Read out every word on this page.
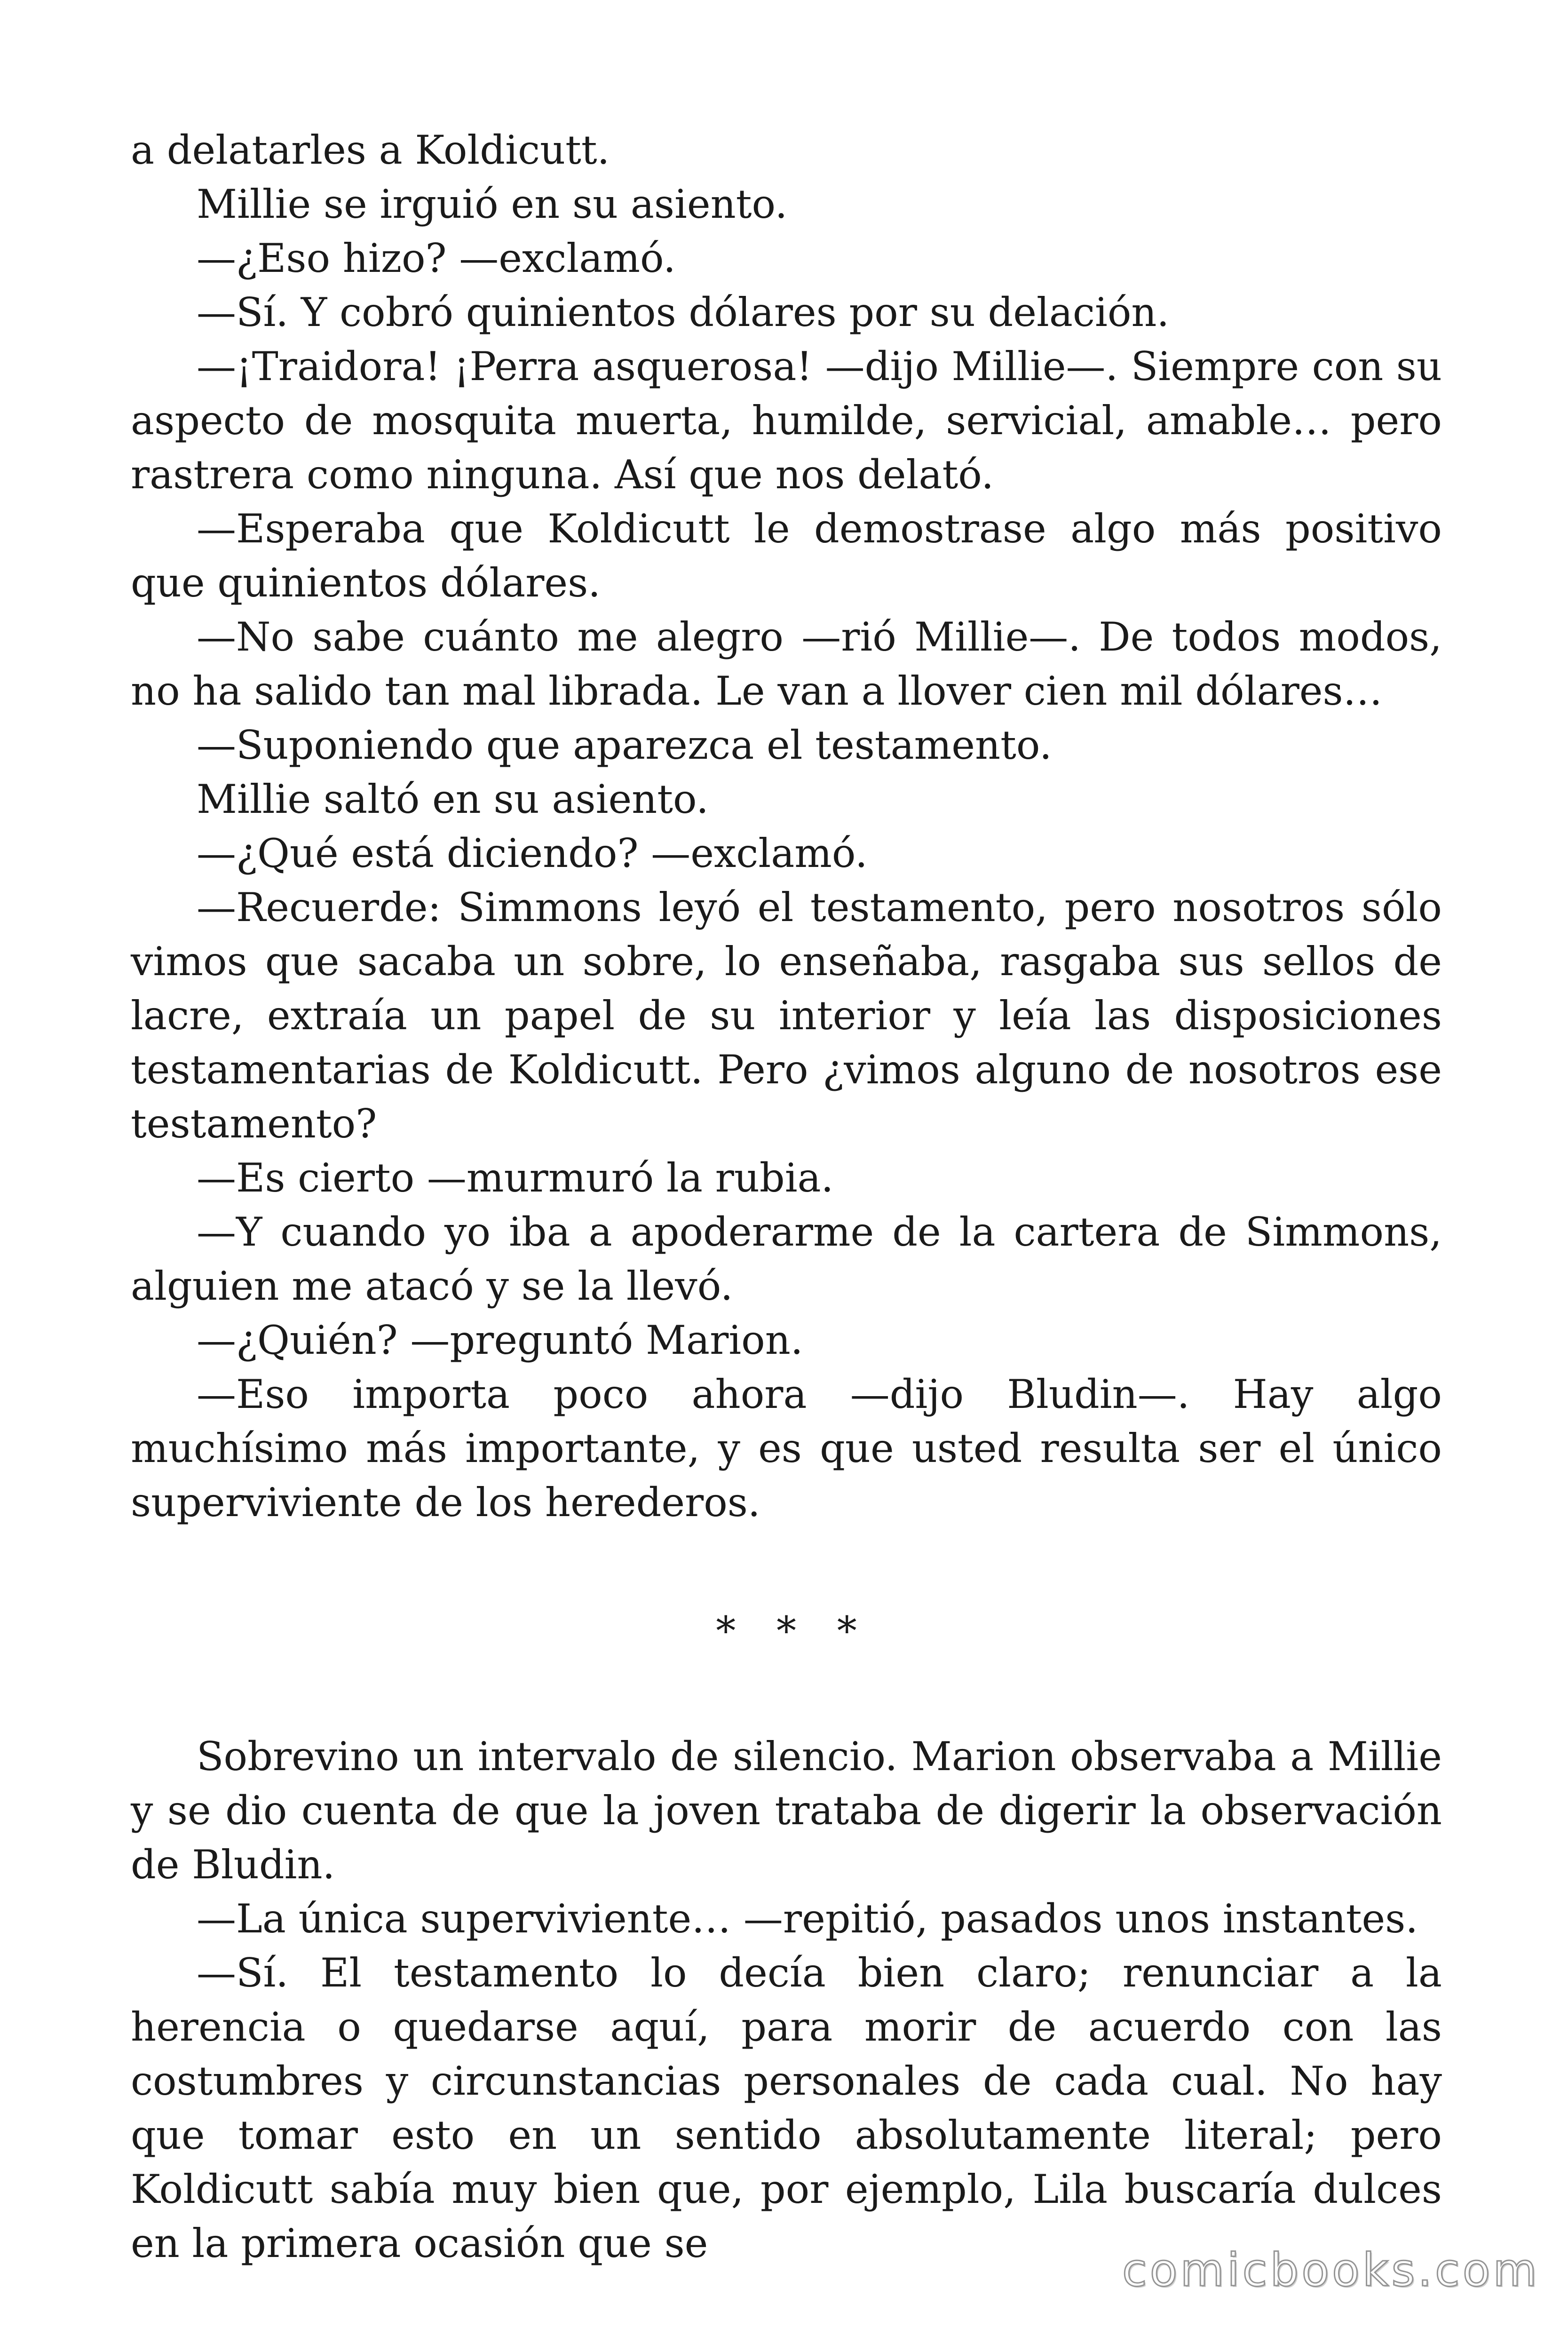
a delatarles a Koldicutt.

Millie se irguió en su asiento.

—¿Eso hizo? —exclamó.

—Sí. Y cobró quinientos dólares por su delación.

—¡Traidora! ¡Perra asquerosa! —dijo Millie—. Siempre con su aspecto de mosquita muerta, humilde, servicial, amable… pero rastrera como ninguna. Así que nos delató.

—Esperaba que Koldicutt le demostrase algo más positivo que quinientos dólares.

—No sabe cuánto me alegro —rió Millie—. De todos modos, no ha salido tan mal librada. Le van a llover cien mil dólares…

—Suponiendo que aparezca el testamento.

Millie saltó en su asiento.

—¿Qué está diciendo? —exclamó.

—Recuerde: Simmons leyó el testamento, pero nosotros sólo vimos que sacaba un sobre, lo enseñaba, rasgaba sus sellos de lacre, extraía un papel de su interior y leía las disposiciones testamentarias de Koldicutt. Pero ¿vimos alguno de nosotros ese testamento?

—Es cierto —murmuró la rubia.

—Y cuando yo iba a apoderarme de la cartera de Simmons, alguien me atacó y se la llevó.

—¿Quién? —preguntó Marion.

—Eso importa poco ahora —dijo Bludin—. Hay algo muchísimo más importante, y es que usted resulta ser el único superviviente de los herederos.

* * *

Sobrevino un intervalo de silencio. Marion observaba a Millie y se dio cuenta de que la joven trataba de digerir la observación de Bludin.

—La única superviviente… —repitió, pasados unos instantes.

—Sí. El testamento lo decía bien claro; renunciar a la herencia o quedarse aquí, para morir de acuerdo con las costumbres y circunstancias personales de cada cual. No hay que tomar esto en un sentido absolutamente literal; pero Koldicutt sabía muy bien que, por ejemplo, Lila buscaría dulces en la primera ocasión que se

comicbooks.com
